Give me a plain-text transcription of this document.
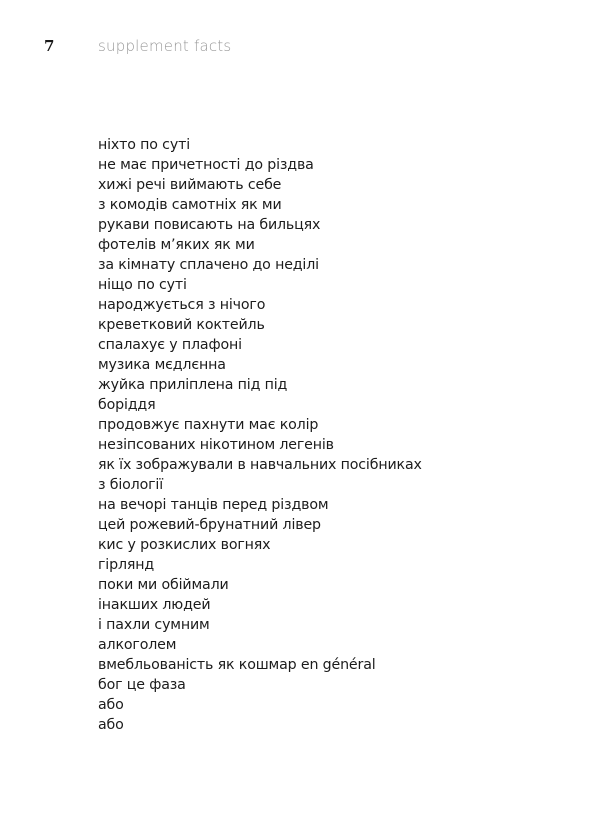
7	supplement facts
ніхто по суті
не має причетності до різдва
хижі речі виймають себе
з комодів самотніх як ми
рукави повисають на бильцях
фотелів м’яких як ми
за кімнату сплачено до неділі
ніщо по суті
народжується з нічого
креветковий коктейль
спалахує у плафоні
музика мєдлєнна
жуйка приліплена під під
боріддя
продовжує пахнути має колір
незіпсованих нікотином легенів
як їх зображували в навчальних посібниках
з біології
на вечорі танців перед різдвом
цей рожевий-брунатний лівер
кис у розкислих вогнях
гірлянд
поки ми обіймали
інакших людей
і пахли сумним
алкоголем
вмебльованість як кошмар en général
бог це фаза
або
або
